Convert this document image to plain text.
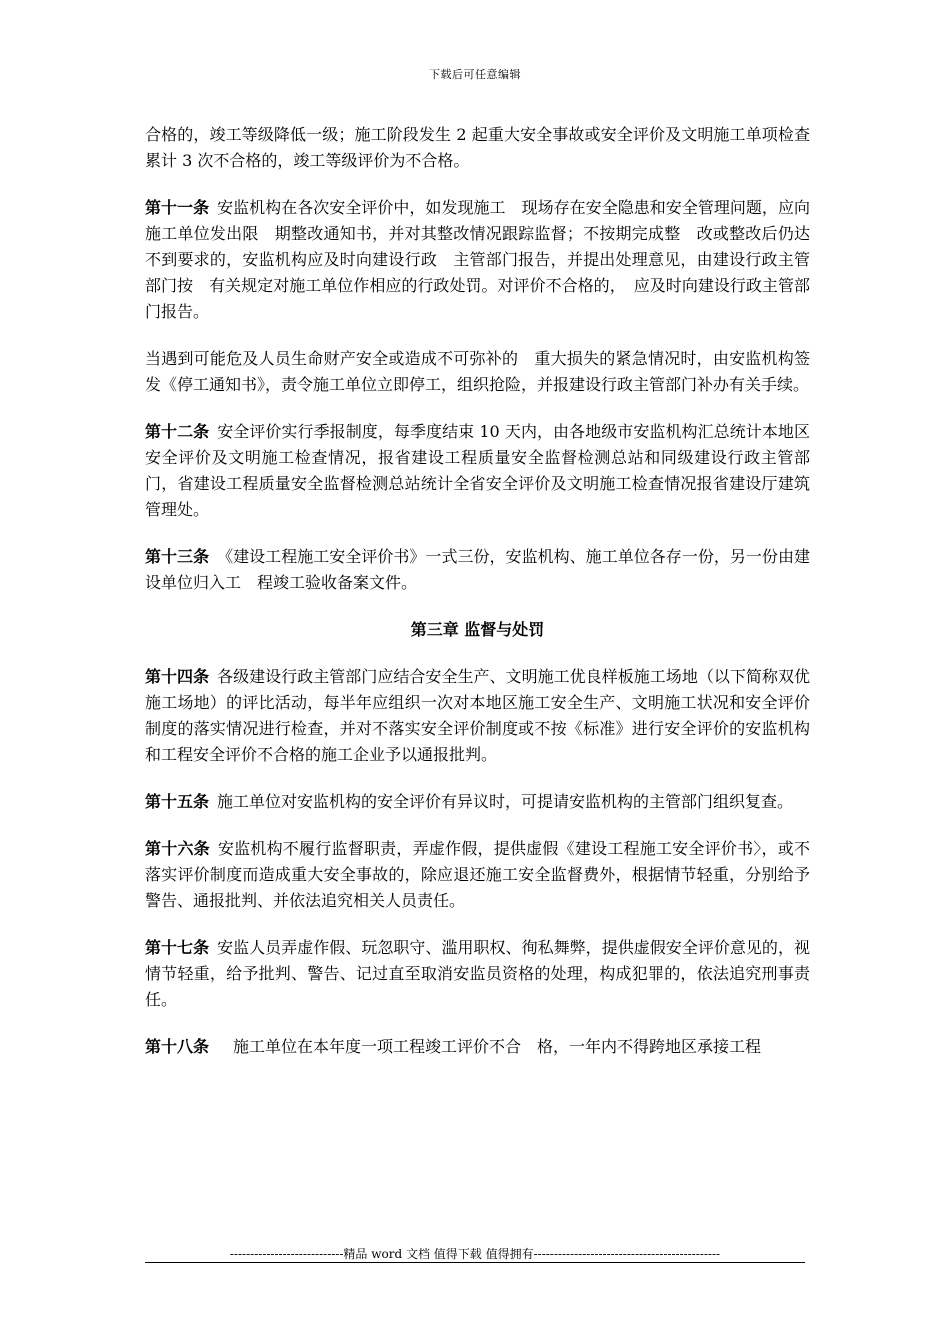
下载后可任意编辑

合格的，竣工等级降低一级；施工阶段发生 2 起重大安全事故或安全评价及文明施工单项检查累计 3 次不合格的，竣工等级评价为不合格。

第十一条 安监机构在各次安全评价中，如发现施工　现场存在安全隐患和安全管理问题，应向施工单位发出限　期整改通知书，并对其整改情况跟踪监督；不按期完成整　改或整改后仍达不到要求的，安监机构应及时向建设行政　主管部门报告，并提出处理意见，由建设行政主管部门按　有关规定对施工单位作相应的行政处罚。对评价不合格的，　应及时向建设行政主管部门报告。

当遇到可能危及人员生命财产安全或造成不可弥补的　重大损失的紧急情况时，由安监机构签发《停工通知书》，责令施工单位立即停工，组织抢险，并报建设行政主管部门补办有关手续。

第十二条 安全评价实行季报制度，每季度结束 10 天内，由各地级市安监机构汇总统计本地区安全评价及文明施工检查情况，报省建设工程质量安全监督检测总站和同级建设行政主管部门，省建设工程质量安全监督检测总站统计全省安全评价及文明施工检查情况报省建设厅建筑管理处。

第十三条 《建设工程施工安全评价书》一式三份，安监机构、施工单位各存一份，另一份由建设单位归入工　程竣工验收备案文件。

第三章 监督与处罚

第十四条 各级建设行政主管部门应结合安全生产、文明施工优良样板施工场地（以下简称双优施工场地）的评比活动，每半年应组织一次对本地区施工安全生产、文明施工状况和安全评价制度的落实情况进行检查，并对不落实安全评价制度或不按《标准》进行安全评价的安监机构和工程安全评价不合格的施工企业予以通报批判。

第十五条 施工单位对安监机构的安全评价有异议时，可提请安监机构的主管部门组织复查。

第十六条 安监机构不履行监督职责，弄虚作假，提供虚假《建设工程施工安全评价书〉，或不落实评价制度而造成重大安全事故的，除应退还施工安全监督费外，根据情节轻重，分别给予警告、通报批判、并依法追究相关人员责任。

第十七条 安监人员弄虚作假、玩忽职守、滥用职权、徇私舞弊，提供虚假安全评价意见的，视情节轻重，给予批判、警告、记过直至取消安监员资格的处理，构成犯罪的，依法追究刑事责任。

第十八条　施工单位在本年度一项工程竣工评价不合　格，一年内不得跨地区承接工程

----------------------------精品 word 文档 值得下载 值得拥有----------------------------------------------
